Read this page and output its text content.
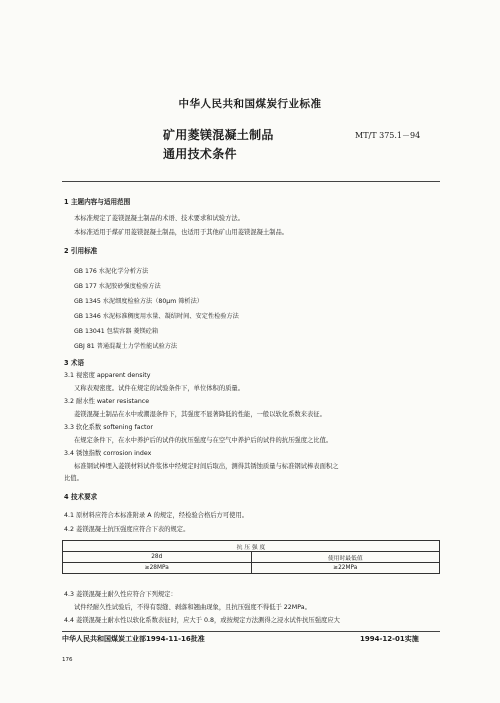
中华人民共和国煤炭行业标准
矿用菱镁混凝土制品
通用技术条件
MT/T 375.1－94
1 主题内容与适用范围
本标准规定了菱镁混凝土制品的术语、技术要求和试验方法。
本标准适用于煤矿用菱镁混凝土制品，也适用于其他矿山用菱镁混凝土制品。
2 引用标准
GB 176 水泥化学分析方法
GB 177 水泥胶砂强度检验方法
GB 1345 水泥细度检验方法（80μm 筛析法）
GB 1346 水泥标准稠度用水量、凝结时间、安定性检验方法
GB 13041 包装容器 菱镁砼箱
GBJ 81 普通混凝土力学性能试验方法
3 术语
3.1 视密度 apparent density
又称表观密度。试件在规定的试验条件下，单位体积的质量。
3.2 耐水性 water resistance
菱镁混凝土制品在水中或潮湿条件下，其强度不显著降低的性能，一般以软化系数来表征。
3.3 软化系数 softening factor
在规定条件下，在水中养护后的试件的抗压强度与在空气中养护后的试件的抗压强度之比值。
3.4 锈蚀指数 corrosion index
标准钢试棒埋入菱镁材料试件浆体中经规定时间后取出，测得其锈蚀质量与标准钢试棒表面积之
比值。
4 技术要求
4.1 原材料应符合本标准附录 A 的规定，经检验合格后方可使用。
4.2 菱镁混凝土抗压强度应符合下表的规定。
抗 压 强 度	
28d	使用时最低值
≥28MPa	≥22MPa
4.3 菱镁混凝土耐久性应符合下列规定：
试件经耐久性试验后，不得有裂缝、剥落和翘曲现象，且抗压强度不得低于 22MPa。
4.4 菱镁混凝土耐水性以软化系数表征时，应大于 0.8，或按规定方法测得之浸水试件抗压强度应大
中华人民共和国煤炭工业部1994-11-16批准	1994-12-01实施
176
